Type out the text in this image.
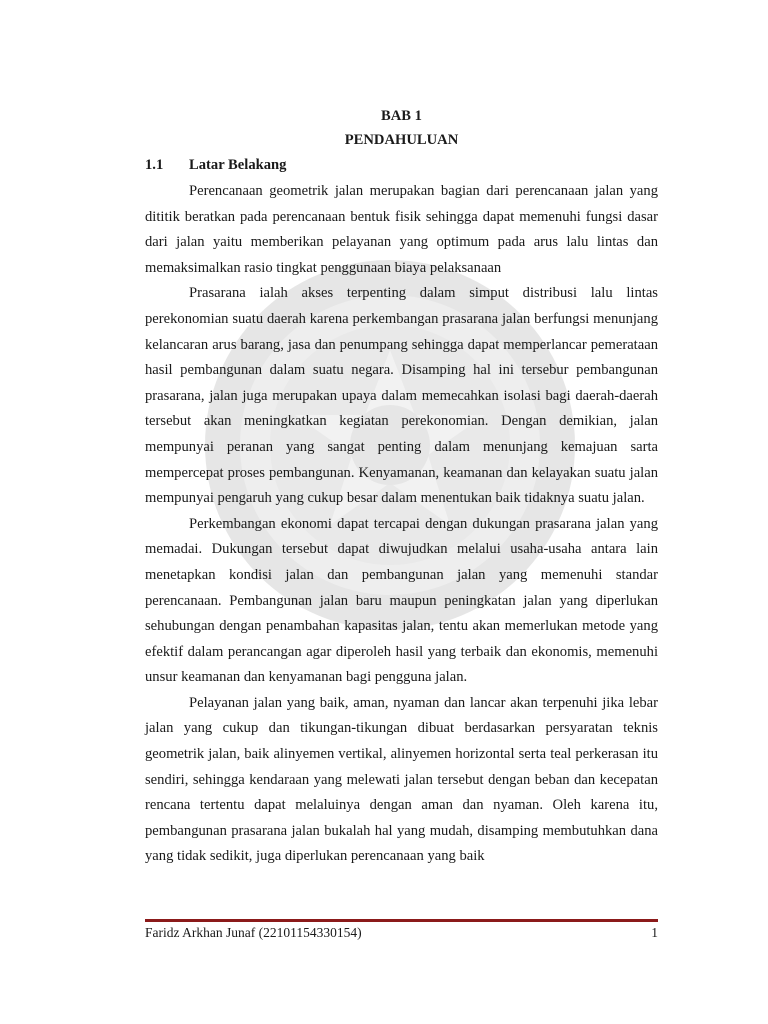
BAB 1
PENDAHULUAN
1.1 Latar Belakang

Perencanaan geometrik jalan merupakan bagian dari perencanaan jalan yang dititik beratkan pada perencanaan bentuk fisik sehingga dapat memenuhi fungsi dasar dari jalan yaitu memberikan pelayanan yang optimum pada arus lalu lintas dan memaksimalkan rasio tingkat penggunaan biaya pelaksanaan

Prasarana ialah akses terpenting dalam simput distribusi lalu lintas perekonomian suatu daerah karena perkembangan prasarana jalan berfungsi menunjang kelancaran arus barang, jasa dan penumpang sehingga dapat memperlancar pemerataan hasil pembangunan dalam suatu negara. Disamping hal ini tersebur pembangunan prasarana, jalan juga merupakan upaya dalam memecahkan isolasi bagi daerah-daerah tersebut akan meningkatkan kegiatan perekonomian. Dengan demikian, jalan mempunyai peranan yang sangat penting dalam menunjang kemajuan sarta mempercepat proses pembangunan. Kenyamanan, keamanan dan kelayakan suatu jalan mempunyai pengaruh yang cukup besar dalam menentukan baik tidaknya suatu jalan.

Perkembangan ekonomi dapat tercapai dengan dukungan prasarana jalan yang memadai. Dukungan tersebut dapat diwujudkan melalui usaha-usaha antara lain menetapkan kondisi jalan dan pembangunan jalan yang memenuhi standar perencanaan. Pembangunan jalan baru maupun peningkatan jalan yang diperlukan sehubungan dengan penambahan kapasitas jalan, tentu akan memerlukan metode yang efektif dalam perancangan agar diperoleh hasil yang terbaik dan ekonomis, memenuhi unsur keamanan dan kenyamanan bagi pengguna jalan.

Pelayanan jalan yang baik, aman, nyaman dan lancar akan terpenuhi jika lebar jalan yang cukup dan tikungan-tikungan dibuat berdasarkan persyaratan teknis geometrik jalan, baik alinyemen vertikal, alinyemen horizontal serta teal perkerasan itu sendiri, sehingga kendaraan yang melewati jalan tersebut dengan beban dan kecepatan rencana tertentu dapat melaluinya dengan aman dan nyaman. Oleh karena itu, pembangunan prasarana jalan bukalah hal yang mudah, disamping membutuhkan dana yang tidak sedikit, juga diperlukan perencanaan yang baik

Faridz Arkhan Junaf (22101154330154)	1
